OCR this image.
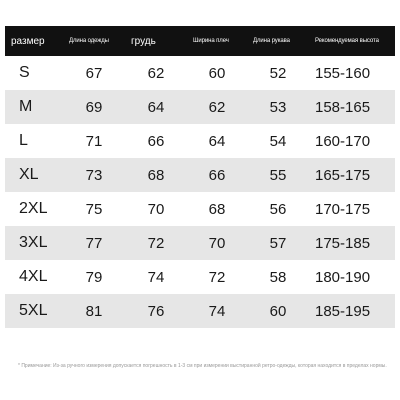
размер	Длина одежды	грудь	Ширина плеч	Длина рукава	Рекомендуемая высота
S	67	62	60	52	155-160
M	69	64	62	53	158-165
L	71	66	64	54	160-170
XL	73	68	66	55	165-175
2XL	75	70	68	56	170-175
3XL	77	72	70	57	175-185
4XL	79	74	72	58	180-190
5XL	81	76	74	60	185-195
* Примечание: Из-за ручного измерения допускается погрешность в 1-3 см при измерении выстиранной ретро-одежды, которая находится в пределах нормы.
